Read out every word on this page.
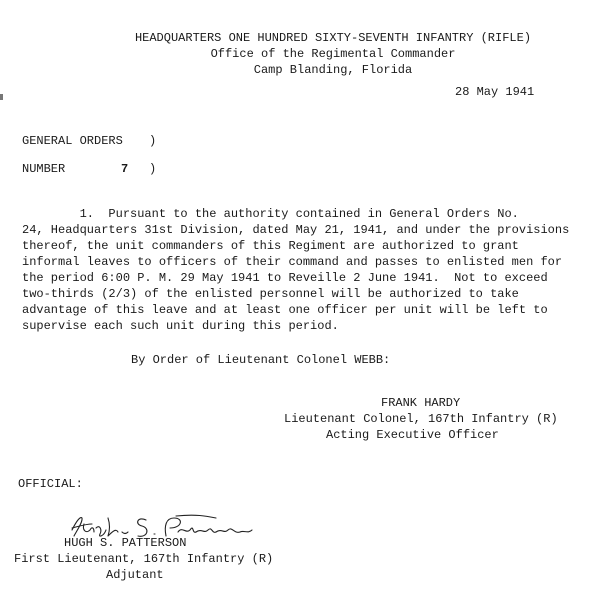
HEADQUARTERS ONE HUNDRED SIXTY-SEVENTH INFANTRY (RIFLE)
Office of the Regimental Commander
Camp Blanding, Florida
28 May 1941
GENERAL ORDERS )
NUMBER	7 )
1.  Pursuant to the authority contained in General Orders No.
24, Headquarters 31st Division, dated May 21, 1941, and under the provisions
thereof, the unit commanders of this Regiment are authorized to grant
informal leaves to officers of their command and passes to enlisted men for
the period 6:00 P. M. 29 May 1941 to Reveille 2 June 1941.  Not to exceed
two-thirds (2/3) of the enlisted personnel will be authorized to take
advantage of this leave and at least one officer per unit will be left to
supervise each such unit during this period.
By Order of Lieutenant Colonel WEBB:
FRANK HARDY
Lieutenant Colonel, 167th Infantry (R)
Acting Executive Officer
OFFICIAL:
HUGH S. PATTERSON
First Lieutenant, 167th Infantry (R)
Adjutant
